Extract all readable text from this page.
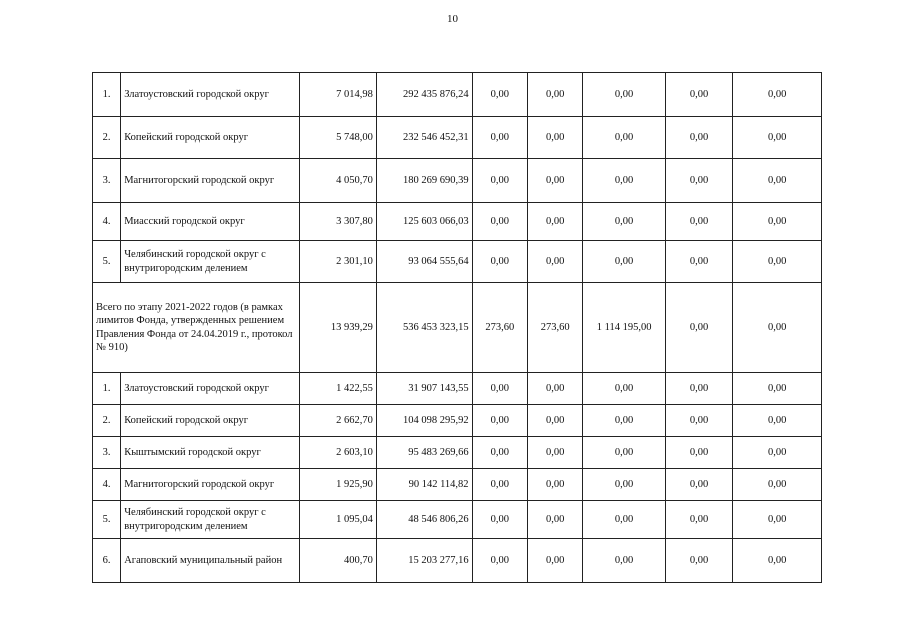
10
1.	Златоустовский городской округ	7 014,98	292 435 876,24	0,00	0,00	0,00	0,00	0,00
2.	Копейский городской округ	5 748,00	232 546 452,31	0,00	0,00	0,00	0,00	0,00
3.	Магнитогорский городской округ	4 050,70	180 269 690,39	0,00	0,00	0,00	0,00	0,00
4.	Миасский городской округ	3 307,80	125 603 066,03	0,00	0,00	0,00	0,00	0,00
5.	Челябинский городской округ с внутригородским делением	2 301,10	93 064 555,64	0,00	0,00	0,00	0,00	0,00
Всего по этапу 2021-2022 годов (в рамках лимитов Фонда, утвержденных решением Правления Фонда от 24.04.2019 г., протокол № 910)		13 939,29	536 453 323,15	273,60	273,60	1 114 195,00	0,00	0,00
1.	Златоустовский городской округ	1 422,55	31 907 143,55	0,00	0,00	0,00	0,00	0,00
2.	Копейский городской округ	2 662,70	104 098 295,92	0,00	0,00	0,00	0,00	0,00
3.	Кыштымский городской округ	2 603,10	95 483 269,66	0,00	0,00	0,00	0,00	0,00
4.	Магнитогорский городской округ	1 925,90	90 142 114,82	0,00	0,00	0,00	0,00	0,00
5.	Челябинский городской округ с внутригородским делением	1 095,04	48 546 806,26	0,00	0,00	0,00	0,00	0,00
6.	Агаповский муниципальный район	400,70	15 203 277,16	0,00	0,00	0,00	0,00	0,00
